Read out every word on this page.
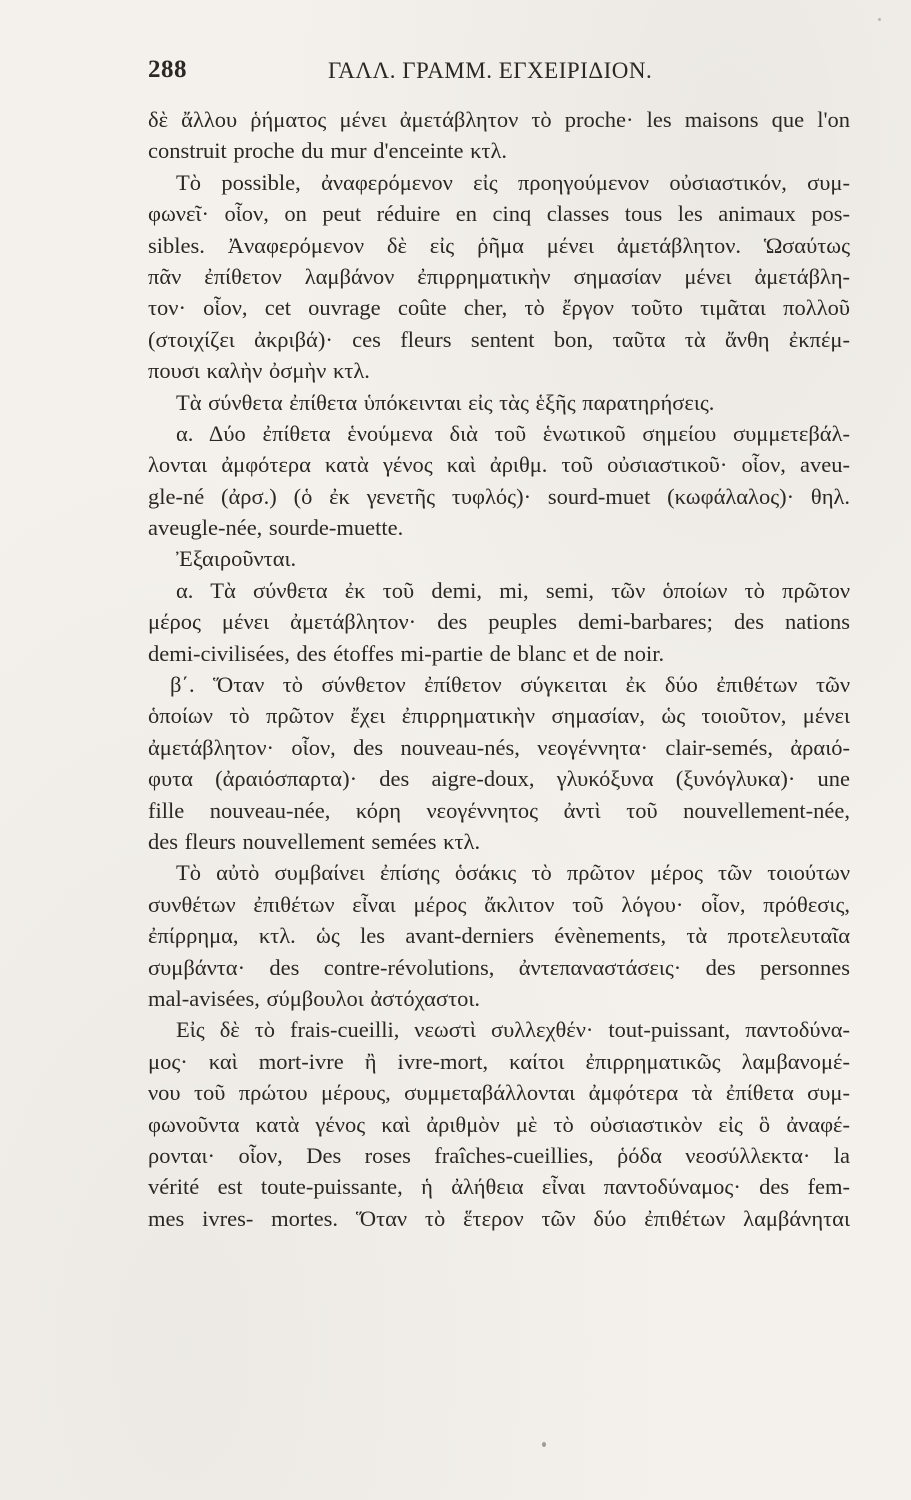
288	ΓΑΛΛ. ΓΡΑΜΜ. ΕΓΧΕΙΡΙΔΙΟΝ.
δὲ ἄλλου ῥήματος μένει ἀμετάβλητον τὸ proche· les maisons que l'on
construit proche du mur d'enceinte κτλ.
Τὸ possible, ἀναφερόμενον εἰς προηγούμενον οὐσιαστικόν, συμ-
φωνεῖ· οἷον, on peut réduire en cinq classes tous les animaux pos-
sibles. Ἀναφερόμενον δὲ εἰς ῥῆμα μένει ἀμετάβλητον. Ὡσαύτως
πᾶν ἐπίθετον λαμβάνον ἐπιρρηματικὴν σημασίαν μένει ἀμετάβλη-
τον· οἷον, cet ouvrage coûte cher, τὸ ἔργον τοῦτο τιμᾶται πολλοῦ
(στοιχίζει ἀκριβά)· ces fleurs sentent bon, ταῦτα τὰ ἄνθη ἐκπέμ-
πουσι καλὴν ὀσμὴν κτλ.
Τὰ σύνθετα ἐπίθετα ὑπόκεινται εἰς τὰς ἑξῆς παρατηρήσεις.
α. Δύο ἐπίθετα ἑνούμενα διὰ τοῦ ἑνωτικοῦ σημείου συμμετεβάλ-
λονται ἀμφότερα κατὰ γένος καὶ ἀριθμ. τοῦ οὐσιαστικοῦ· οἷον, aveu-
gle-né (ἀρσ.) (ὁ ἐκ γενετῆς τυφλός)· sourd-muet (κωφάλαλος)· θηλ.
aveugle-née, sourde-muette.
Ἐξαιροῦνται.
α. Τὰ σύνθετα ἐκ τοῦ demi, mi, semi, τῶν ὁποίων τὸ πρῶτον
μέρος μένει ἀμετάβλητον· des peuples demi-barbares; des nations
demi-civilisées, des étoffes mi-partie de blanc et de noir.
β΄. Ὅταν τὸ σύνθετον ἐπίθετον σύγκειται ἐκ δύο ἐπιθέτων τῶν
ὁποίων τὸ πρῶτον ἔχει ἐπιρρηματικὴν σημασίαν, ὡς τοιοῦτον, μένει
ἀμετάβλητον· οἷον, des nouveau-nés, νεογέννητα· clair-semés, ἀραιό-
φυτα (ἀραιόσπαρτα)· des aigre-doux, γλυκόξυνα (ξυνόγλυκα)· une
fille nouveau-née, κόρη νεογέννητος ἀντὶ τοῦ nouvellement-née,
des fleurs nouvellement semées κτλ.
Τὸ αὐτὸ συμβαίνει ἐπίσης ὁσάκις τὸ πρῶτον μέρος τῶν τοιούτων
συνθέτων ἐπιθέτων εἶναι μέρος ἄκλιτον τοῦ λόγου· οἷον, πρόθεσις,
ἐπίρρημα, κτλ. ὡς les avant-derniers évènements, τὰ προτελευταῖα
συμβάντα· des contre-révolutions, ἀντεπαναστάσεις· des personnes
mal-avisées, σύμβουλοι ἀστόχαστοι.
Εἰς δὲ τὸ frais-cueilli, νεωστὶ συλλεχθέν· tout-puissant, παντοδύνα-
μος· καὶ mort-ivre ἢ ivre-mort, καίτοι ἐπιρρηματικῶς λαμβανομέ-
νου τοῦ πρώτου μέρους, συμμεταβάλλονται ἀμφότερα τὰ ἐπίθετα συμ-
φωνοῦντα κατὰ γένος καὶ ἀριθμὸν μὲ τὸ οὐσιαστικὸν εἰς ὃ ἀναφέ-
ρονται· οἷον, Des roses fraîches-cueillies, ῥόδα νεοσύλλεκτα· la
vérité est toute-puissante, ἡ ἀλήθεια εἶναι παντοδύναμος· des fem-
mes ivres- mortes. Ὅταν τὸ ἕτερον τῶν δύο ἐπιθέτων λαμβάνηται
